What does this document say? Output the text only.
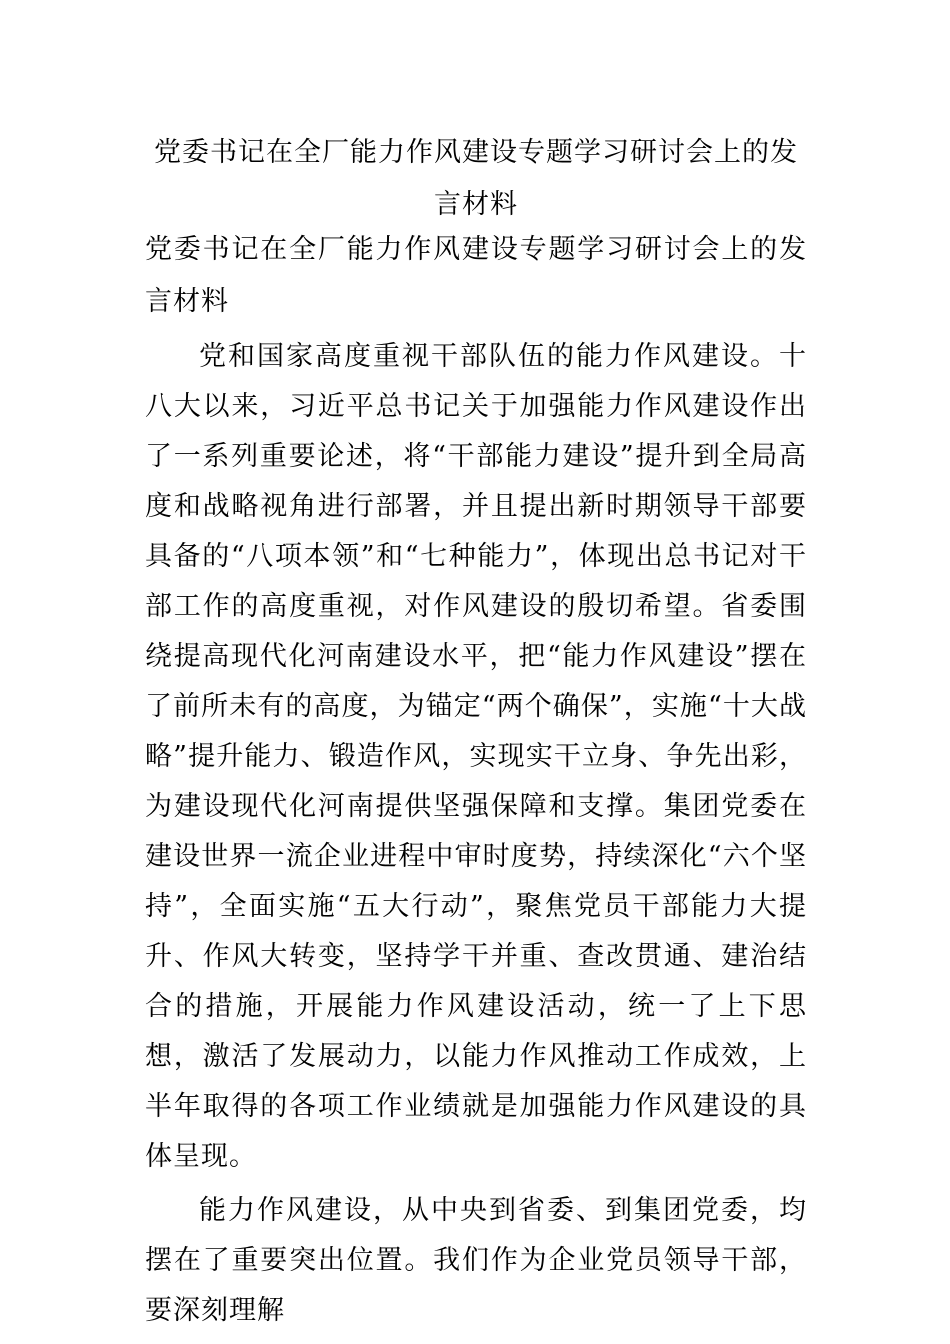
党委书记在全厂能力作风建设专题学习研讨会上的发言材料

党委书记在全厂能力作风建设专题学习研讨会上的发言材料

党和国家高度重视干部队伍的能力作风建设。十八大以来，习近平总书记关于加强能力作风建设作出了一系列重要论述，将“干部能力建设”提升到全局高度和战略视角进行部署，并且提出新时期领导干部要具备的“八项本领”和“七种能力”，体现出总书记对干部工作的高度重视，对作风建设的殷切希望。省委围绕提高现代化河南建设水平，把“能力作风建设”摆在了前所未有的高度，为锚定“两个确保”，实施“十大战略”提升能力、锻造作风，实现实干立身、争先出彩，为建设现代化河南提供坚强保障和支撑。集团党委在建设世界一流企业进程中审时度势，持续深化“六个坚持”，全面实施“五大行动”，聚焦党员干部能力大提升、作风大转变，坚持学干并重、查改贯通、建治结合的措施，开展能力作风建设活动，统一了上下思想，激活了发展动力，以能力作风推动工作成效，上半年取得的各项工作业绩就是加强能力作风建设的具体呈现。

能力作风建设，从中央到省委、到集团党委，均摆在了重要突出位置。我们作为企业党员领导干部，要深刻理解
